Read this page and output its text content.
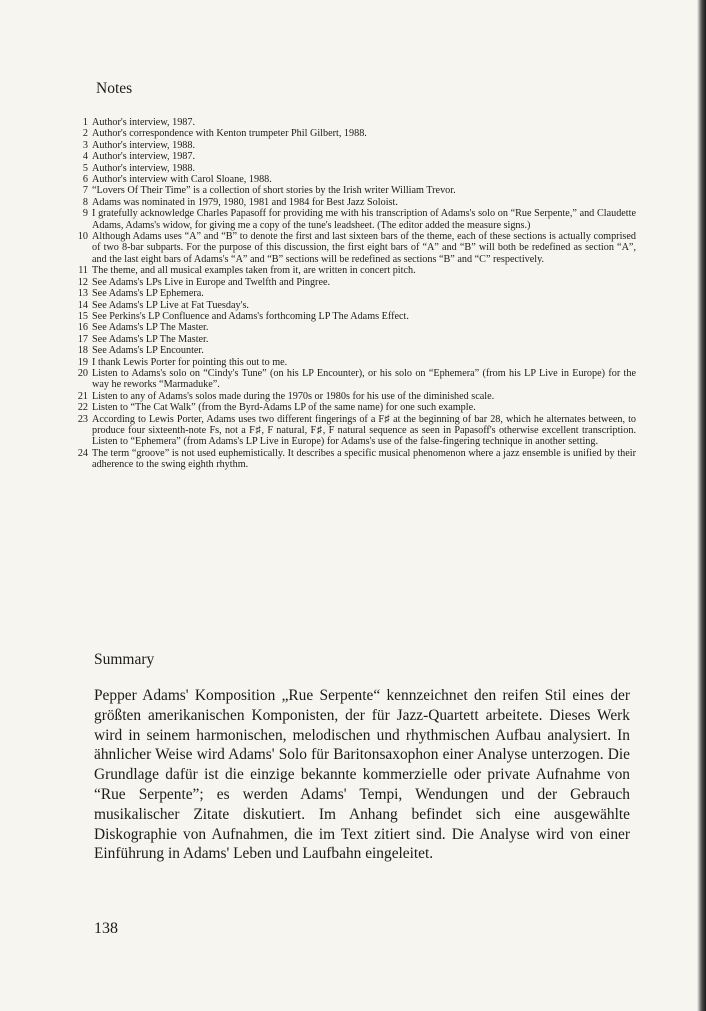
Notes
1 Author's interview, 1987.
2 Author's correspondence with Kenton trumpeter Phil Gilbert, 1988.
3 Author's interview, 1988.
4 Author's interview, 1987.
5 Author's interview, 1988.
6 Author's interview with Carol Sloane, 1988.
7 “Lovers Of Their Time” is a collection of short stories by the Irish writer William Trevor.
8 Adams was nominated in 1979, 1980, 1981 and 1984 for Best Jazz Soloist.
9 I gratefully acknowledge Charles Papasoff for providing me with his transcription of Adams's solo on “Rue Serpente,” and Claudette Adams, Adams's widow, for giving me a copy of the tune's leadsheet. (The editor added the measure signs.)
10 Although Adams uses “A” and “B” to denote the first and last sixteen bars of the theme, each of these sections is actually comprised of two 8-bar subparts. For the purpose of this discussion, the first eight bars of “A” and “B” will both be redefined as section “A”, and the last eight bars of Adams's “A” and “B” sections will be redefined as sections “B” and “C” respectively.
11 The theme, and all musical examples taken from it, are written in concert pitch.
12 See Adams's LPs Live in Europe and Twelfth and Pingree.
13 See Adams's LP Ephemera.
14 See Adams's LP Live at Fat Tuesday's.
15 See Perkins's LP Confluence and Adams's forthcoming LP The Adams Effect.
16 See Adams's LP The Master.
17 See Adams's LP The Master.
18 See Adams's LP Encounter.
19 I thank Lewis Porter for pointing this out to me.
20 Listen to Adams's solo on “Cindy's Tune” (on his LP Encounter), or his solo on “Ephemera” (from his LP Live in Europe) for the way he reworks “Marmaduke”.
21 Listen to any of Adams's solos made during the 1970s or 1980s for his use of the diminished scale.
22 Listen to “The Cat Walk” (from the Byrd-Adams LP of the same name) for one such example.
23 According to Lewis Porter, Adams uses two different fingerings of a F♯ at the beginning of bar 28, which he alternates between, to produce four sixteenth-note Fs, not a F♯, F natural, F♯, F natural sequence as seen in Papasoff's otherwise excellent transcription. Listen to “Ephemera” (from Adams's LP Live in Europe) for Adams's use of the false-fingering technique in another setting.
24 The term “groove” is not used euphemistically. It describes a specific musical phenomenon where a jazz ensemble is unified by their adherence to the swing eighth rhythm.
Summary

Pepper Adams' Komposition „Rue Serpente“ kennzeichnet den reifen Stil eines der größten amerikanischen Komponisten, der für Jazz-Quartett arbeitete. Dieses Werk wird in seinem harmonischen, melodischen und rhythmischen Aufbau analysiert. In ähnlicher Weise wird Adams' Solo für Baritonsaxophon einer Analyse unterzogen. Die Grundlage dafür ist die einzige bekannte kommerzielle oder private Aufnahme von “Rue Serpente”; es werden Adams' Tempi, Wendungen und der Gebrauch musikalischer Zitate diskutiert. Im Anhang befindet sich eine ausgewählte Diskographie von Aufnahmen, die im Text zitiert sind. Die Analyse wird von einer Einführung in Adams' Leben und Laufbahn eingeleitet.

138
